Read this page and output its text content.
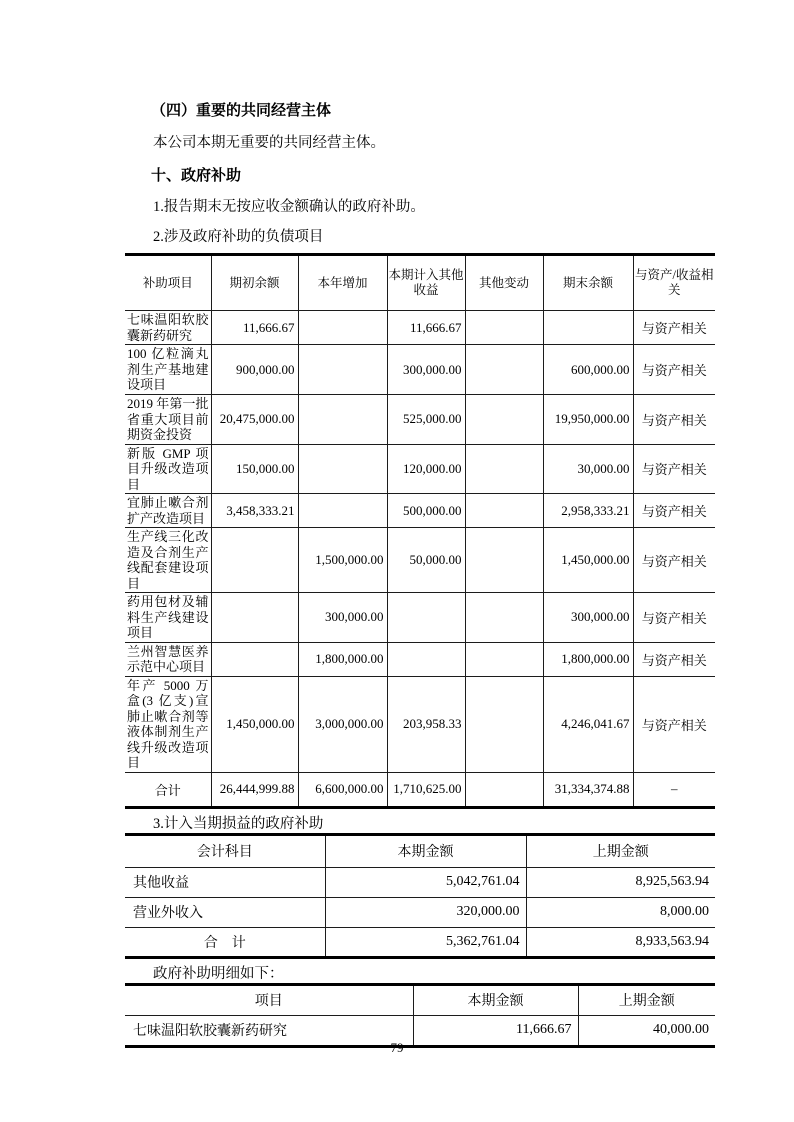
（四）重要的共同经营主体

本公司本期无重要的共同经营主体。

十、政府补助

1.报告期末无按应收金额确认的政府补助。

2.涉及政府补助的负债项目

补助项目	期初余额	本年增加	本期计入其他收益	其他变动	期末余额	与资产/收益相关
七味温阳软胶囊新药研究	11,666.67		11,666.67			与资产相关
100 亿粒滴丸剂生产基地建设项目	900,000.00		300,000.00		600,000.00	与资产相关
2019 年第一批省重大项目前期资金投资	20,475,000.00		525,000.00		19,950,000.00	与资产相关
新版 GMP 项目升级改造项目	150,000.00		120,000.00		30,000.00	与资产相关
宜肺止嗽合剂扩产改造项目	3,458,333.21		500,000.00		2,958,333.21	与资产相关
生产线三化改造及合剂生产线配套建设项目		1,500,000.00	50,000.00		1,450,000.00	与资产相关
药用包材及辅料生产线建设项目		300,000.00			300,000.00	与资产相关
兰州智慧医养示范中心项目		1,800,000.00			1,800,000.00	与资产相关
年产 5000 万盒(3 亿支)宣肺止嗽合剂等液体制剂生产线升级改造项目	1,450,000.00	3,000,000.00	203,958.33		4,246,041.67	与资产相关
合计	26,444,999.88	6,600,000.00	1,710,625.00		31,334,374.88	–

3.计入当期损益的政府补助

会计科目	本期金额	上期金额
其他收益	5,042,761.04	8,925,563.94
营业外收入	320,000.00	8,000.00
合　计	5,362,761.04	8,933,563.94

政府补助明细如下：

项目	本期金额	上期金额
七味温阳软胶囊新药研究	11,666.67	40,000.00
79
